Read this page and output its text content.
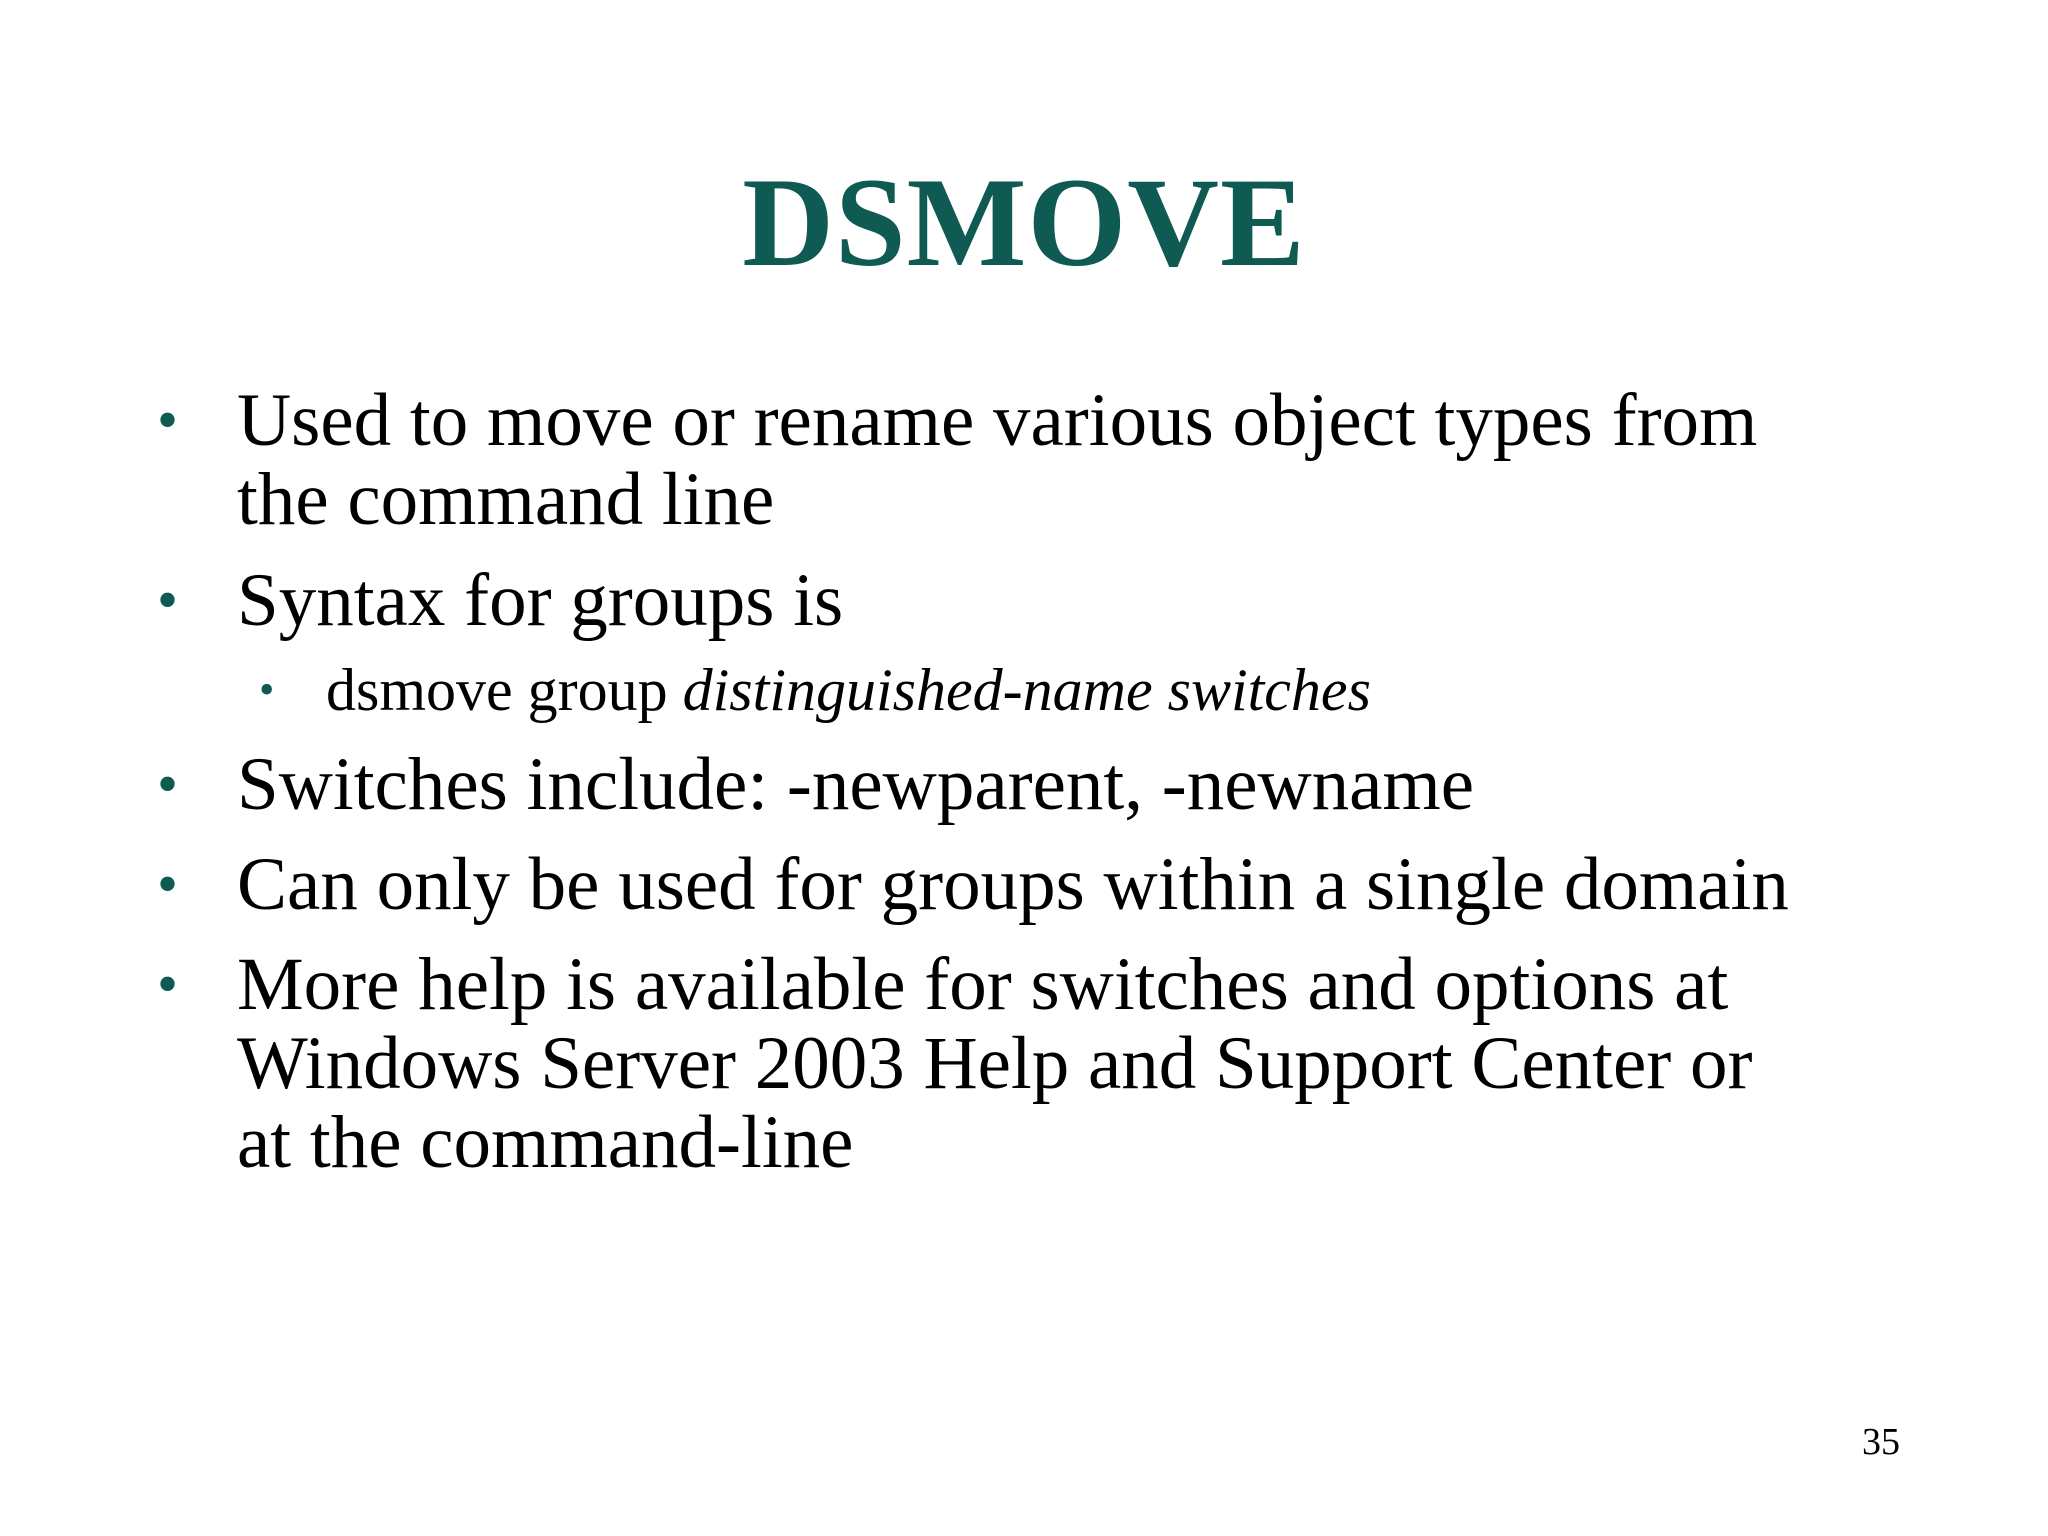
DSMOVE
• Used to move or rename various object types from
the command line
• Syntax for groups is
• dsmove group distinguished-name switches
• Switches include: -newparent, -newname
• Can only be used for groups within a single domain
• More help is available for switches and options at
Windows Server 2003 Help and Support Center or
at the command-line
35
